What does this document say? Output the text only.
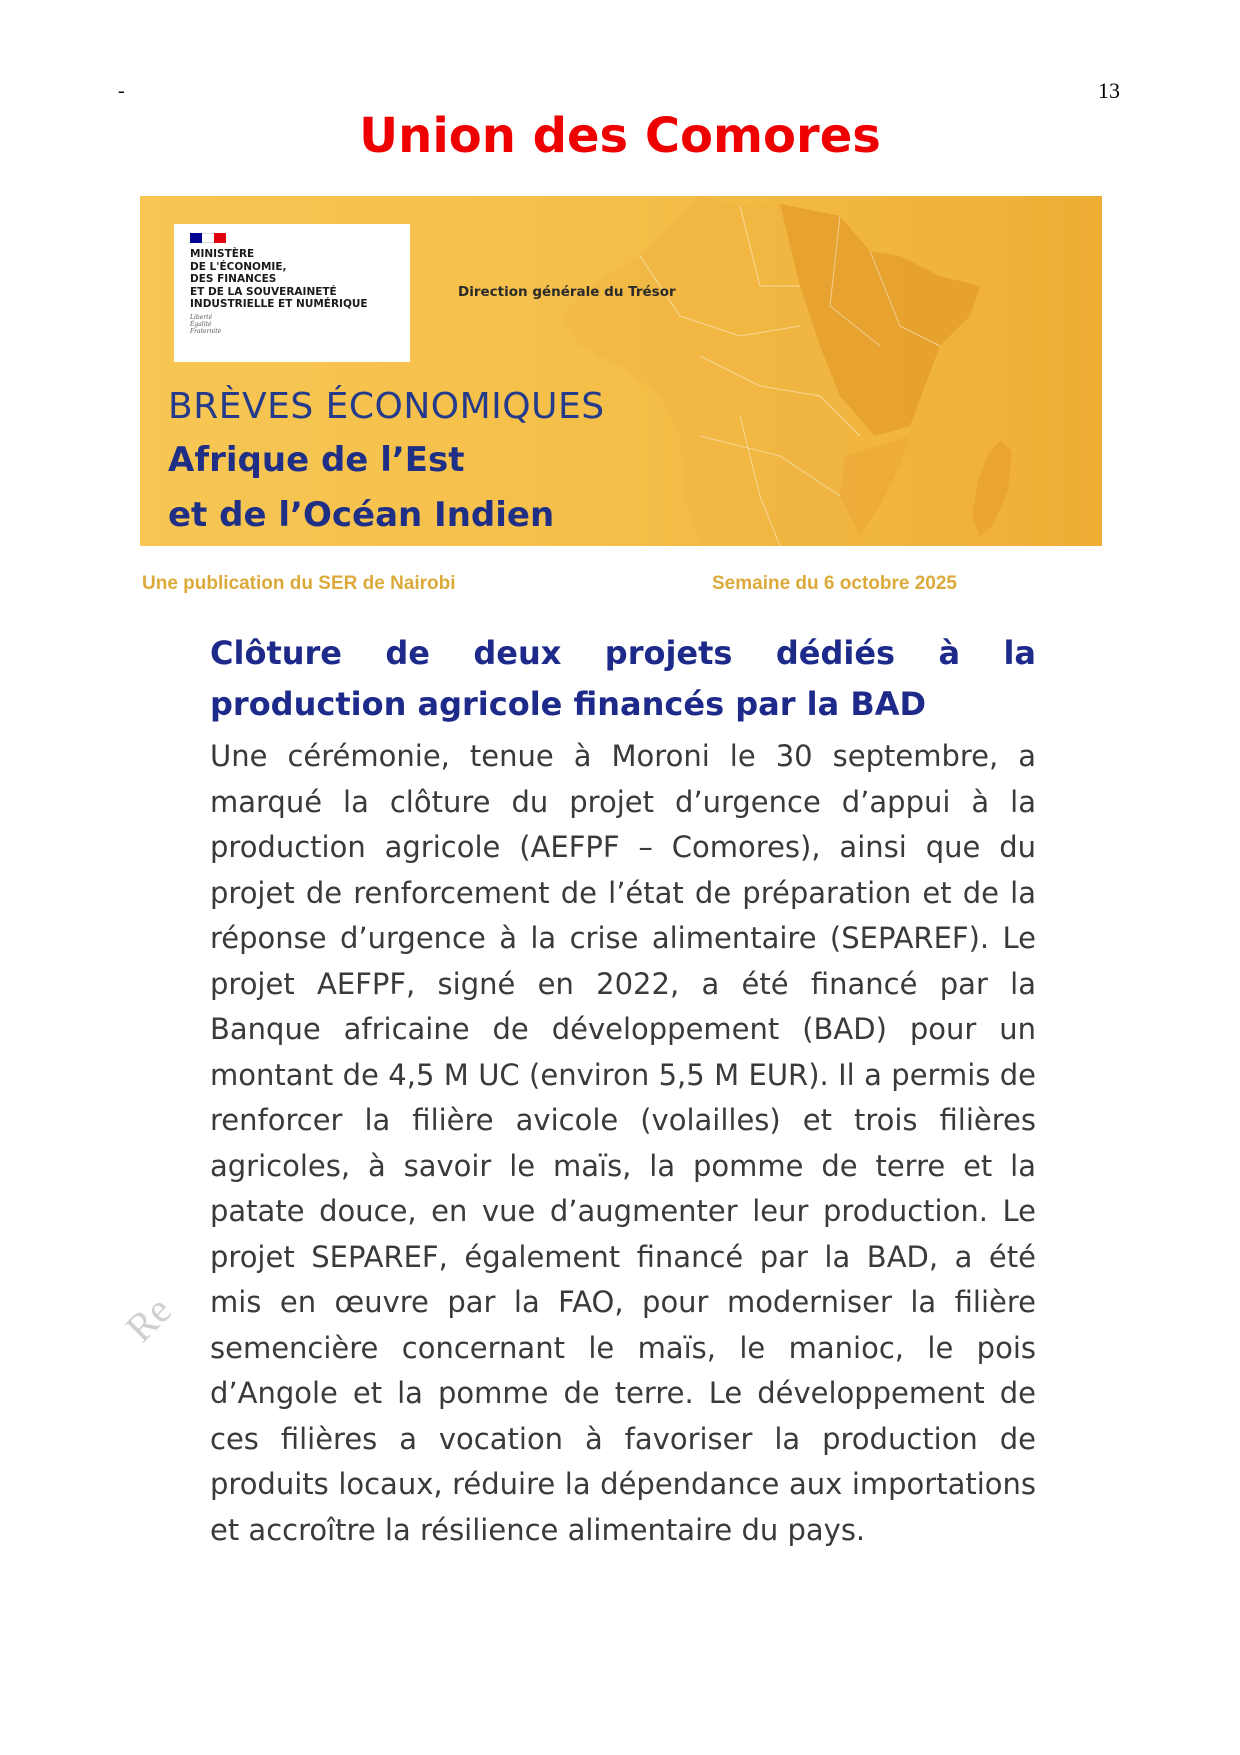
-	13
Union des Comores
MINISTÈRE
DE L'ÉCONOMIE,
DES FINANCES
ET DE LA SOUVERAINETÉ
INDUSTRIELLE ET NUMÉRIQUE
Liberté
Égalité
Fraternité
Direction générale du Trésor
BRÈVES ÉCONOMIQUES
Afrique de l’Est
et de l’Océan Indien
Une publication du SER de Nairobi	Semaine du 6 octobre 2025
Clôture de deux projets dédiés à la production agricole financés par la BAD

Une cérémonie, tenue à Moroni le 30 septembre, a marqué la clôture du projet d’urgence d’appui à la production agricole (AEFPF – Comores), ainsi que du projet de renforcement de l’état de préparation et de la réponse d’urgence à la crise alimentaire (SEPAREF). Le projet AEFPF, signé en 2022, a été financé par la Banque africaine de développement (BAD) pour un montant de 4,5 M UC (environ 5,5 M EUR). Il a permis de renforcer la filière avicole (volailles) et trois filières agricoles, à savoir le maïs, la pomme de terre et la patate douce, en vue d’augmenter leur production. Le projet SEPAREF, également financé par la BAD, a été mis en œuvre par la FAO, pour moderniser la filière semencière concernant le maïs, le manioc, le pois d’Angole et la pomme de terre. Le développement de ces filières a vocation à favoriser la production de produits locaux, réduire la dépendance aux importations et accroître la résilience alimentaire du pays.

Re
